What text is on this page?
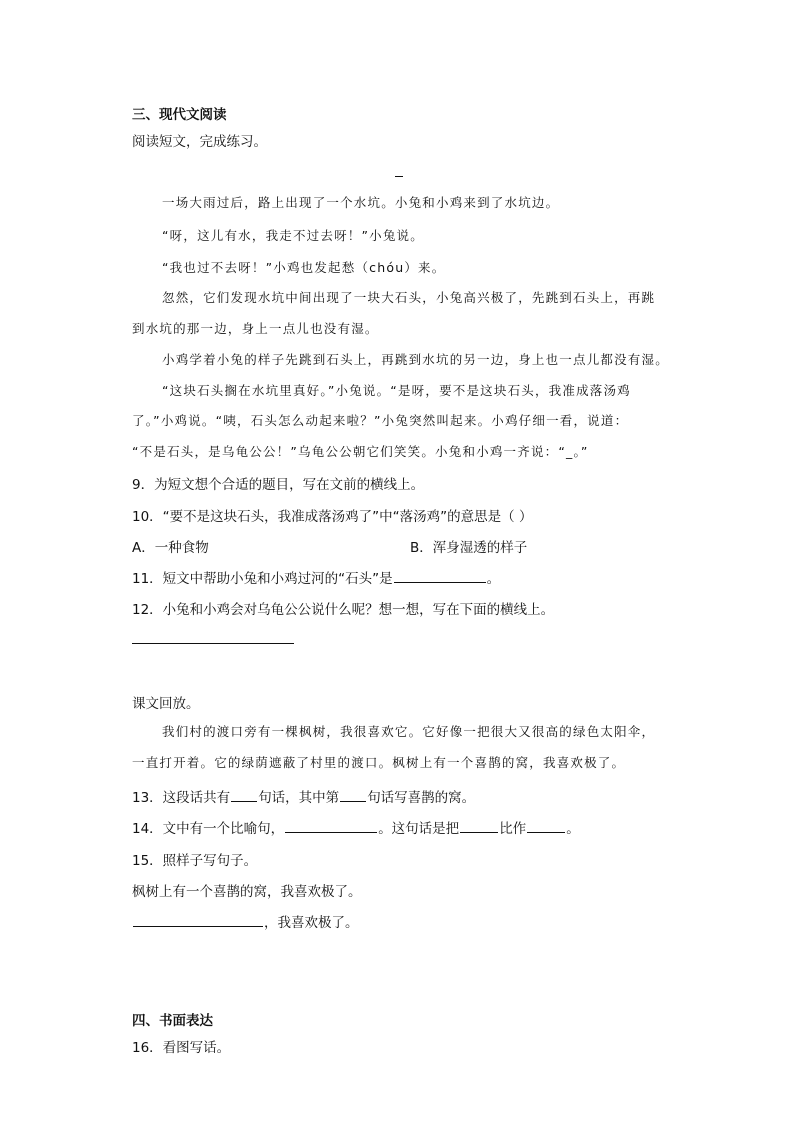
三、现代文阅读
阅读短文，完成练习。
一场大雨过后，路上出现了一个水坑。小兔和小鸡来到了水坑边。
“呀，这儿有水，我走不过去呀！”小兔说。
“我也过不去呀！”小鸡也发起愁（chóu）来。
忽然，它们发现水坑中间出现了一块大石头，小兔高兴极了，先跳到石头上，再跳
到水坑的那一边，身上一点儿也没有湿。
小鸡学着小兔的样子先跳到石头上，再跳到水坑的另一边，身上也一点儿都没有湿。
“这块石头搁在水坑里真好。”小兔说。“是呀，要不是这块石头，我准成落汤鸡
了。”小鸡说。“咦，石头怎么动起来啦？”小兔突然叫起来。小鸡仔细一看，说道：
“不是石头，是乌龟公公！”乌龟公公朝它们笑笑。小兔和小鸡一齐说：“_。”
9．为短文想个合适的题目，写在文前的横线上。
10．“要不是这块石头，我准成落汤鸡了”中“落汤鸡”的意思是（ ）
A．一种食物	B．浑身湿透的样子
11．短文中帮助小兔和小鸡过河的“石头”是	。
12．小兔和小鸡会对乌龟公公说什么呢？想一想，写在下面的横线上。
课文回放。
我们村的渡口旁有一棵枫树，我很喜欢它。它好像一把很大又很高的绿色太阳伞，
一直打开着。它的绿荫遮蔽了村里的渡口。枫树上有一个喜鹊的窝，我喜欢极了。
13．这段话共有 句话，其中第 句话写喜鹊的窝。
14．文中有一个比喻句，	。这句话是把	比作	。
15．照样子写句子。
枫树上有一个喜鹊的窝，我喜欢极了。
，我喜欢极了。
四、书面表达
16．看图写话。
